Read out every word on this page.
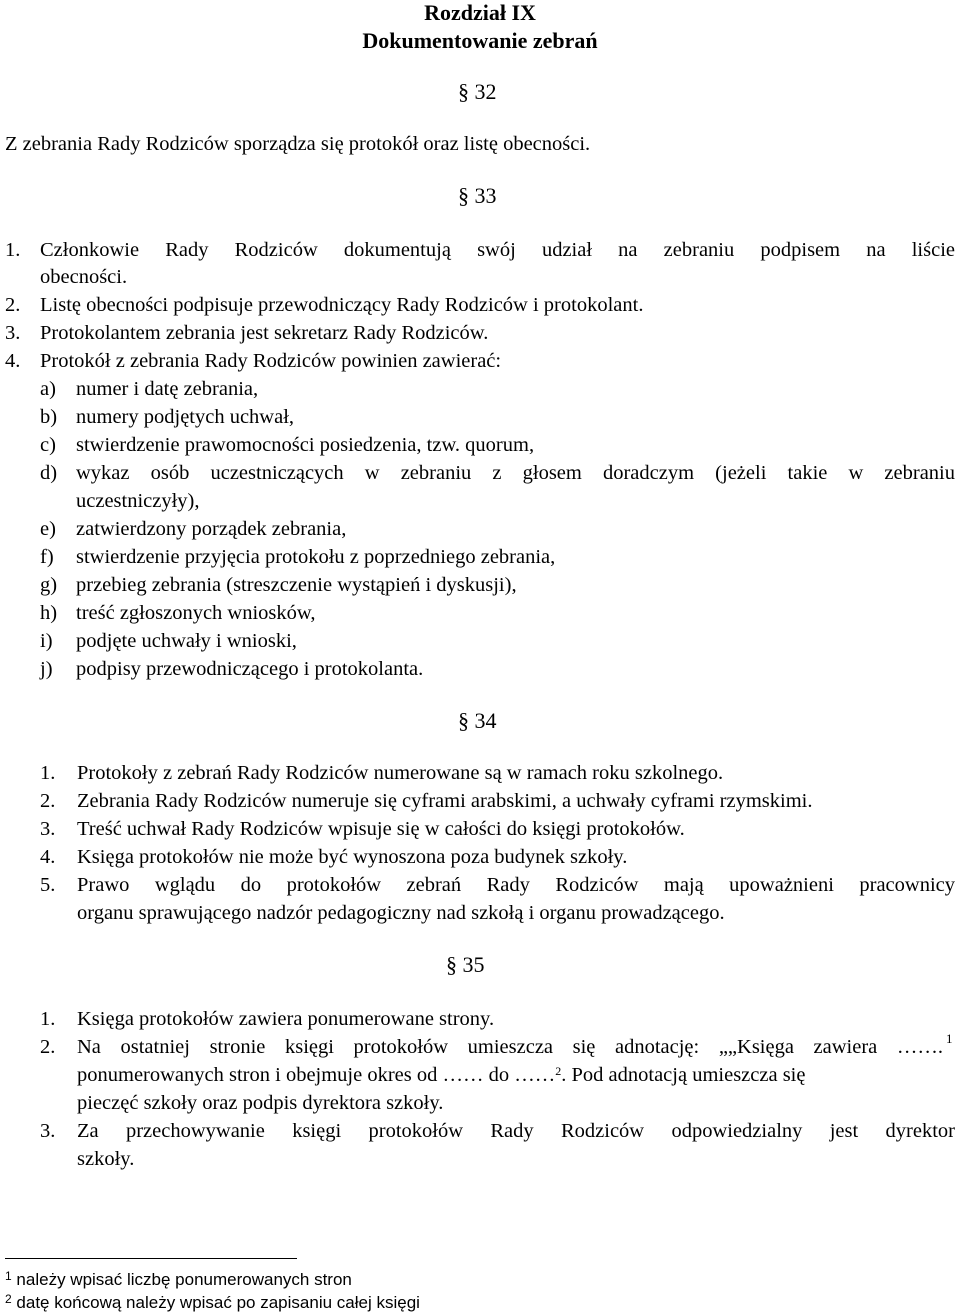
Rozdział IX
Dokumentowanie zebrań
§ 32
Z zebrania Rady Rodziców sporządza się protokół oraz listę obecności.
§ 33
1. Członkowie Rady Rodziców dokumentują swój udział na zebraniu podpisem na liście
obecności.
2. Listę obecności podpisuje przewodniczący Rady Rodziców i protokolant.
3. Protokolantem zebrania jest sekretarz Rady Rodziców.
4. Protokół z zebrania Rady Rodziców powinien zawierać:
a) numer i datę zebrania,
b) numery podjętych uchwał,
c) stwierdzenie prawomocności posiedzenia, tzw. quorum,
d) wykaz osób uczestniczących w zebraniu z głosem doradczym (jeżeli takie w zebraniu
uczestniczyły),
e) zatwierdzony porządek zebrania,
f) stwierdzenie przyjęcia protokołu z poprzedniego zebrania,
g) przebieg zebrania (streszczenie wystąpień i dyskusji),
h) treść zgłoszonych wniosków,
i) podjęte uchwały i wnioski,
j) podpisy przewodniczącego i protokolanta.
§ 34
1. Protokoły z zebrań Rady Rodziców numerowane są w ramach roku szkolnego.
2. Zebrania Rady Rodziców numeruje się cyframi arabskimi, a uchwały cyframi rzymskimi.
3. Treść uchwał Rady Rodziców wpisuje się w całości do księgi protokołów.
4. Księga protokołów nie może być wynoszona poza budynek szkoły.
5. Prawo wglądu do protokołów zebrań Rady Rodziców mają upoważnieni pracownicy
organu sprawującego nadzór pedagogiczny nad szkołą i organu prowadzącego.
§ 35
1. Księga protokołów zawiera ponumerowane strony.
2. Na ostatniej stronie księgi protokołów umieszcza się adnotację: „„Księga zawiera ……. 1
ponumerowanych stron i obejmuje okres od …… do ……$^2$. Pod adnotacją umieszcza się
pieczęć szkoły oraz podpis dyrektora szkoły.
3. Za przechowywanie księgi protokołów Rady Rodziców odpowiedzialny jest dyrektor
szkoły.
$^1$ należy wpisać liczbę ponumerowanych stron
$^2$ datę końcową należy wpisać po zapisaniu całej księgi
